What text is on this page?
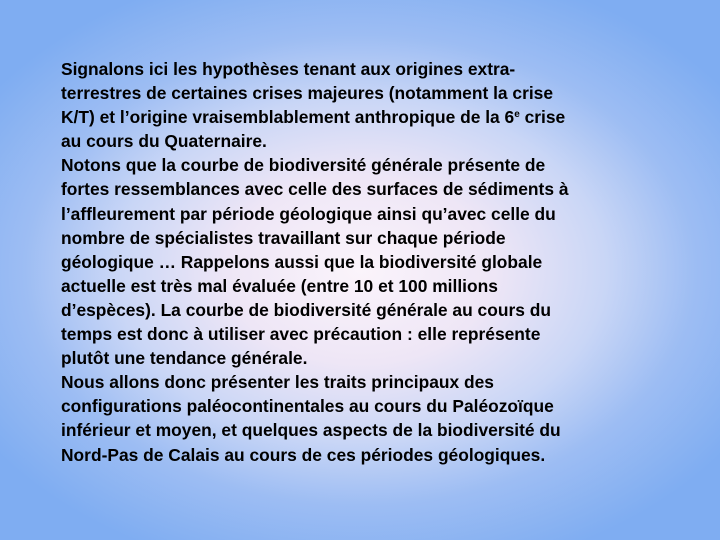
Signalons ici les hypothèses tenant aux origines extra-
terrestres de certaines crises majeures (notamment la crise
K/T) et l’origine vraisemblablement anthropique de la 6e crise
au cours du Quaternaire.

Notons que la courbe de biodiversité générale présente de
fortes ressemblances avec celle des surfaces de sédiments à
l’affleurement par période géologique ainsi qu’avec celle du
nombre de spécialistes travaillant sur chaque période
géologique … Rappelons aussi que la biodiversité globale
actuelle est très mal évaluée (entre 10 et 100 millions
d’espèces). La courbe de biodiversité générale au cours du
temps est donc à utiliser avec précaution : elle représente
plutôt une tendance générale.

Nous allons donc présenter les traits principaux des
configurations paléocontinentales au cours du Paléozoïque
inférieur et moyen, et quelques aspects de la biodiversité du
Nord-Pas de Calais au cours de ces périodes géologiques.
